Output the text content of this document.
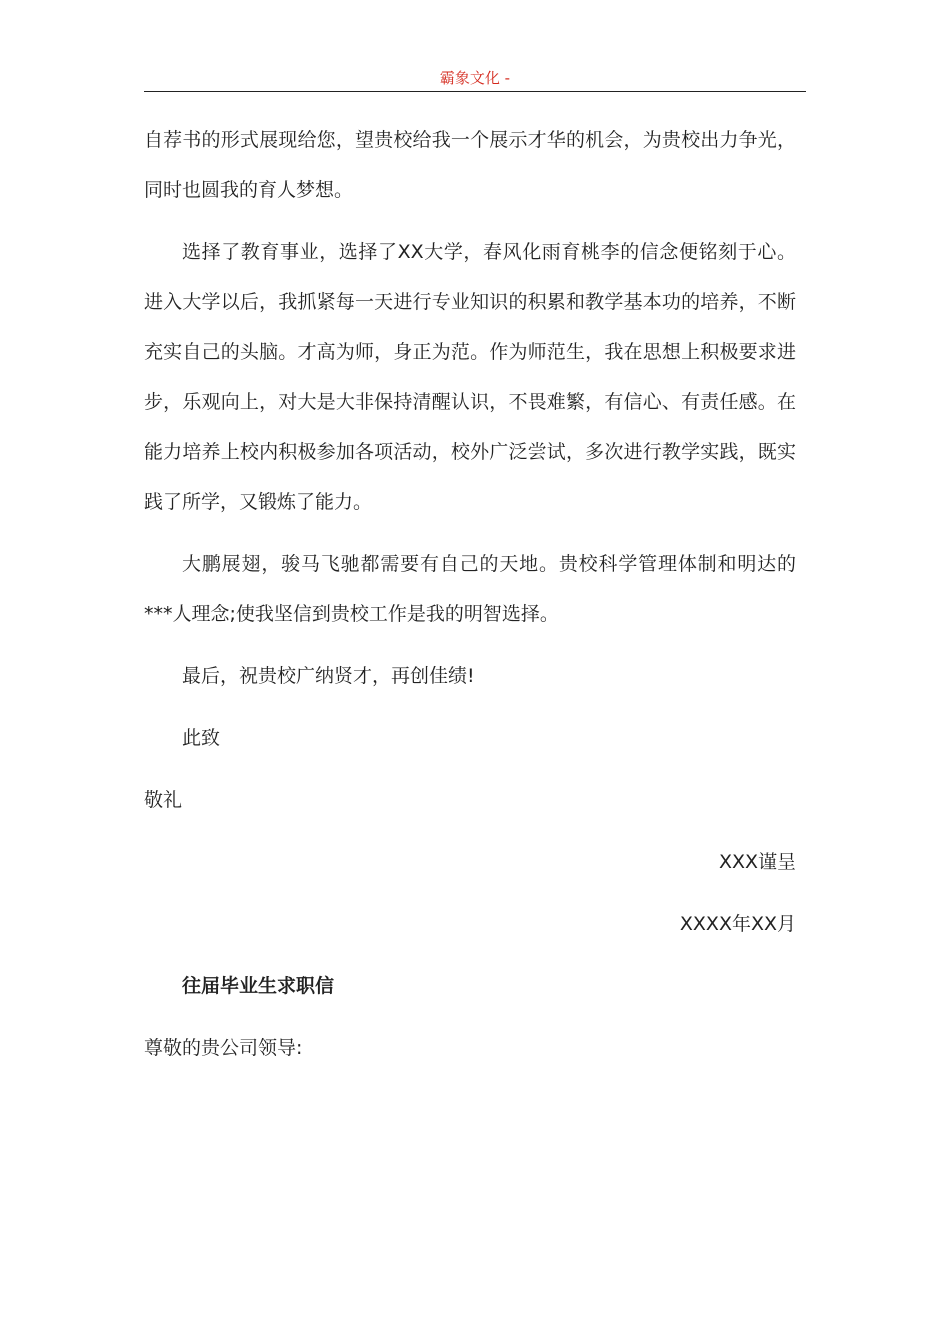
霸象文化 -

自荐书的形式展现给您，望贵校给我一个展示才华的机会，为贵校出力争光，同时也圆我的育人梦想。

选择了教育事业，选择了XX大学，春风化雨育桃李的信念便铭刻于心。进入大学以后，我抓紧每一天进行专业知识的积累和教学基本功的培养，不断充实自己的头脑。才高为师，身正为范。作为师范生，我在思想上积极要求进步，乐观向上，对大是大非保持清醒认识，不畏难繁，有信心、有责任感。在能力培养上校内积极参加各项活动，校外广泛尝试，多次进行教学实践，既实践了所学，又锻炼了能力。

大鹏展翅，骏马飞驰都需要有自己的天地。贵校科学管理体制和明达的***人理念;使我坚信到贵校工作是我的明智选择。

最后，祝贵校广纳贤才，再创佳绩!

此致

敬礼

XXX谨呈

XXXX年XX月

往届毕业生求职信

尊敬的贵公司领导:
